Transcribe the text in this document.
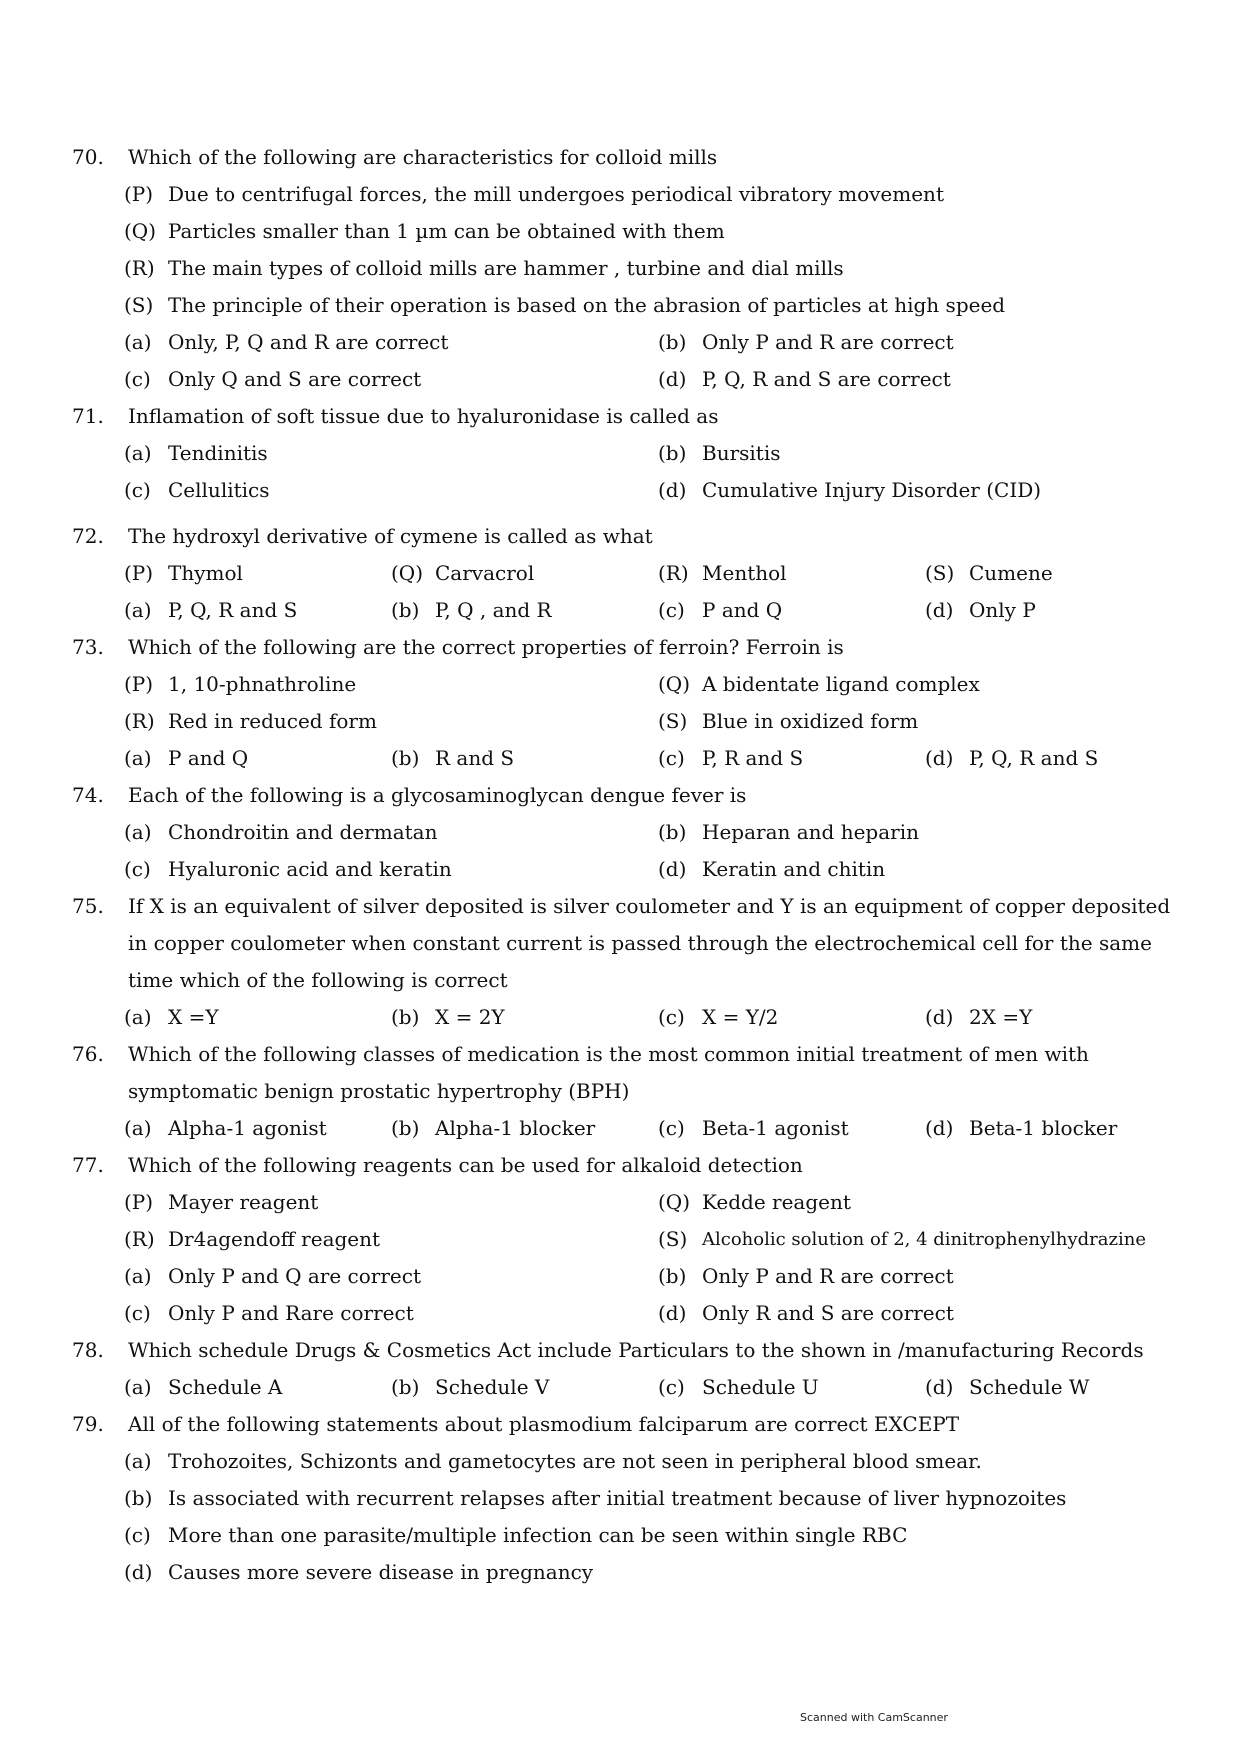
70.	Which of the following are characteristics for colloid mills
(P) Due to centrifugal forces, the mill undergoes periodical vibratory movement
(Q) Particles smaller than 1 µm can be obtained with them
(R) The main types of colloid mills are hammer , turbine and dial mills
(S) The principle of their operation is based on the abrasion of particles at high speed
(a) Only, P, Q and R are correct	(b) Only P and R are correct
(c) Only Q and S are correct	(d) P, Q, R and S are correct
71.	Inflamation of soft tissue due to hyaluronidase is called as
(a) Tendinitis	(b) Bursitis
(c) Cellulitics	(d) Cumulative Injury Disorder (CID)
72.	The hydroxyl derivative of cymene is called as what
(P) Thymol	(Q) Carvacrol	(R) Menthol	(S) Cumene
(a) P, Q, R and S	(b) P, Q , and R	(c) P and Q	(d) Only P
73.	Which of the following are the correct properties of ferroin? Ferroin is
(P) 1, 10-phnathroline	(Q) A bidentate ligand complex
(R) Red in reduced form	(S) Blue in oxidized form
(a) P and Q	(b) R and S	(c) P, R and S	(d) P, Q, R and S
74.	Each of the following is a glycosaminoglycan dengue fever is
(a) Chondroitin and dermatan	(b) Heparan and heparin
(c) Hyaluronic acid and keratin	(d) Keratin and chitin
75.	If X is an equivalent of silver deposited is silver coulometer and Y is an equipment of copper deposited in copper coulometer when constant current is passed through the electrochemical cell for the same time which of the following is correct
(a) X =Y	(b) X = 2Y	(c) X = Y/2	(d) 2X =Y
76.	Which of the following classes of medication is the most common initial treatment of men with symptomatic benign prostatic hypertrophy (BPH)
(a) Alpha-1 agonist	(b) Alpha-1 blocker	(c) Beta-1 agonist	(d) Beta-1 blocker
77.	Which of the following reagents can be used for alkaloid detection
(P) Mayer reagent	(Q) Kedde reagent
(R) Dr4agendoff reagent	(S) Alcoholic solution of 2, 4 dinitrophenylhydrazine
(a) Only P and Q are correct	(b) Only P and R are correct
(c) Only P and Rare correct	(d) Only R and S are correct
78.	Which schedule Drugs & Cosmetics Act include Particulars to the shown in /manufacturing Records
(a) Schedule A	(b) Schedule V	(c) Schedule U	(d) Schedule W
79.	All of the following statements about plasmodium falciparum are correct EXCEPT
(a) Trohozoites, Schizonts and gametocytes are not seen in peripheral blood smear.
(b) Is associated with recurrent relapses after initial treatment because of liver hypnozoites
(c) More than one parasite/multiple infection can be seen within single RBC
(d) Causes more severe disease in pregnancy
Scanned with CamScanner
